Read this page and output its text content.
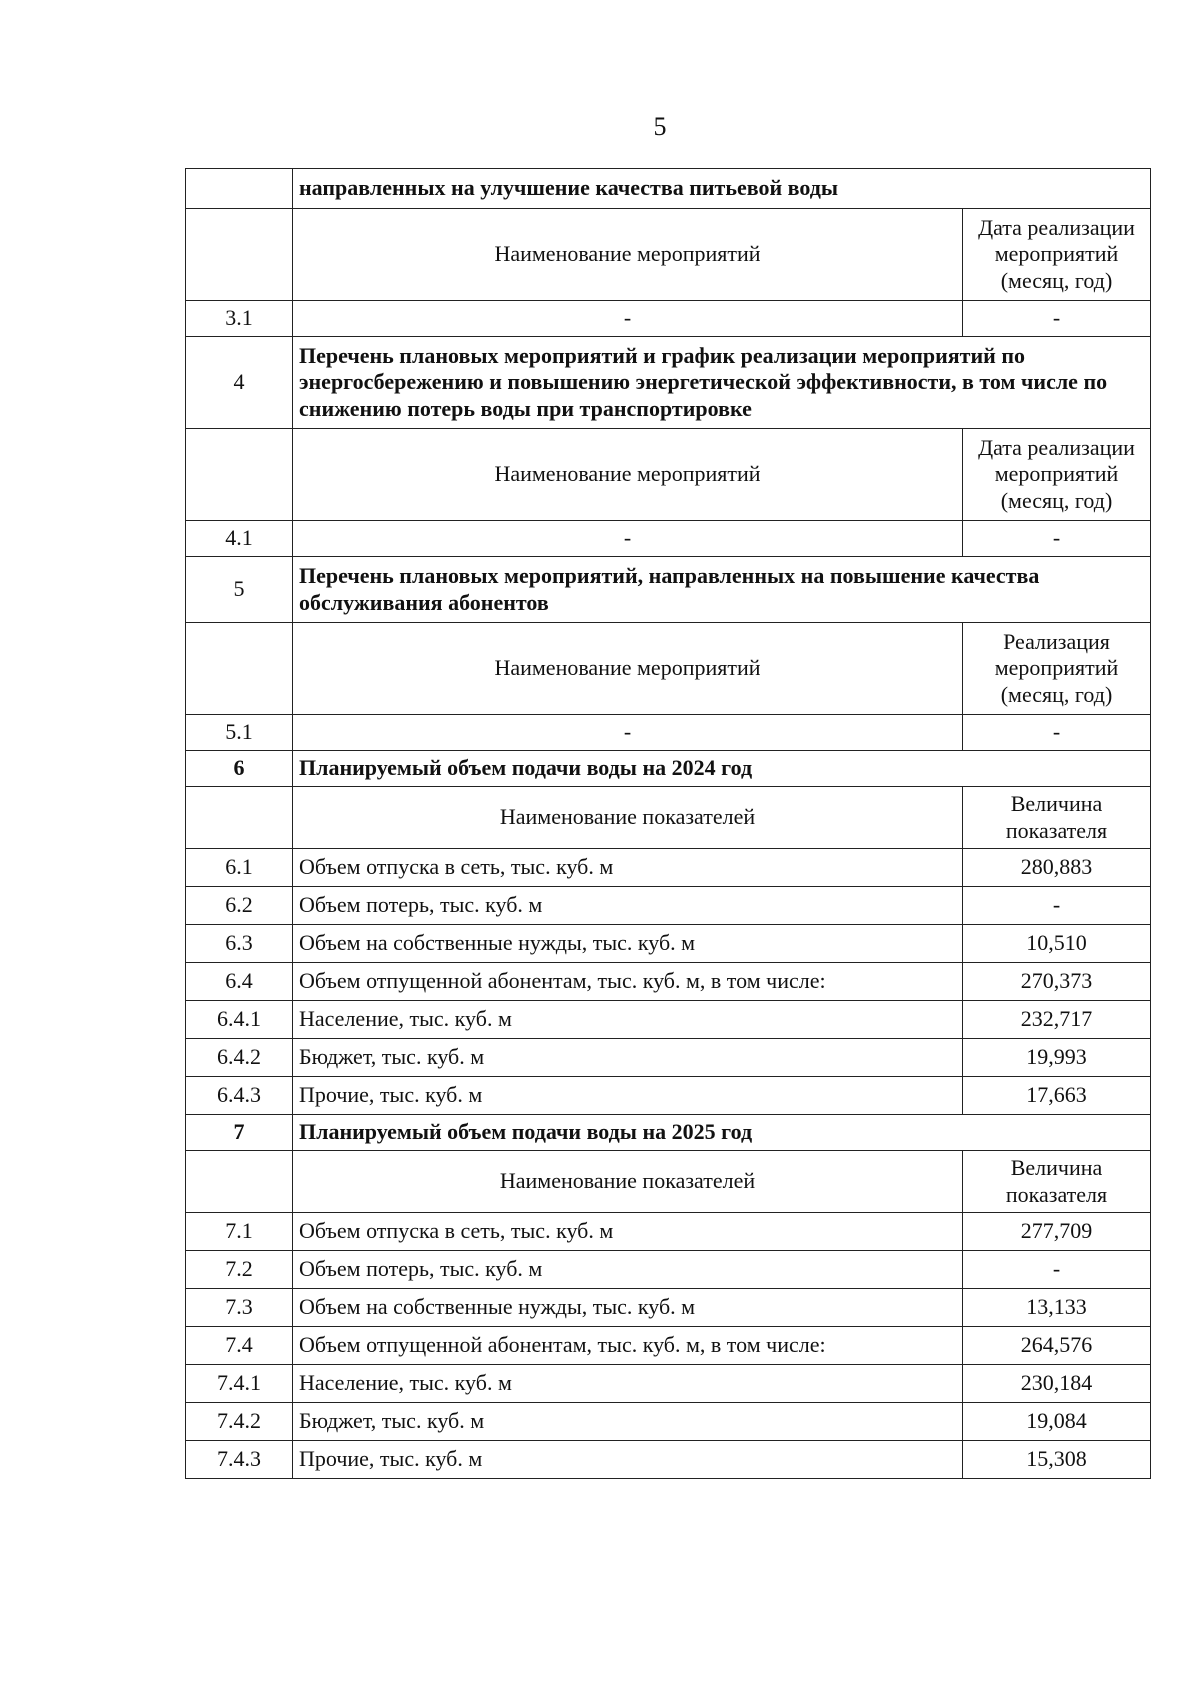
5
	направленных на улучшение качества питьевой воды	
	Наименование мероприятий	Дата реализации мероприятий (месяц, год)
3.1	-	-
4	Перечень плановых мероприятий и график реализации мероприятий по энергосбережению и повышению энергетической эффективности, в том числе по снижению потерь воды при транспортировке	
	Наименование мероприятий	Дата реализации мероприятий (месяц, год)
4.1	-	-
5	Перечень плановых мероприятий, направленных на повышение качества обслуживания абонентов	
	Наименование мероприятий	Реализация мероприятий (месяц, год)
5.1	-	-
6	Планируемый объем подачи воды на 2024 год	
	Наименование показателей	Величина показателя
6.1	Объем отпуска в сеть, тыс. куб. м	280,883
6.2	Объем потерь, тыс. куб. м	-
6.3	Объем на собственные нужды, тыс. куб. м	10,510
6.4	Объем отпущенной абонентам, тыс. куб. м, в том числе:	270,373
6.4.1	Население, тыс. куб. м	232,717
6.4.2	Бюджет, тыс. куб. м	19,993
6.4.3	Прочие, тыс. куб. м	17,663
7	Планируемый объем подачи воды на 2025 год	
	Наименование показателей	Величина показателя
7.1	Объем отпуска в сеть, тыс. куб. м	277,709
7.2	Объем потерь, тыс. куб. м	-
7.3	Объем на собственные нужды, тыс. куб. м	13,133
7.4	Объем отпущенной абонентам, тыс. куб. м, в том числе:	264,576
7.4.1	Население, тыс. куб. м	230,184
7.4.2	Бюджет, тыс. куб. м	19,084
7.4.3	Прочие, тыс. куб. м	15,308
